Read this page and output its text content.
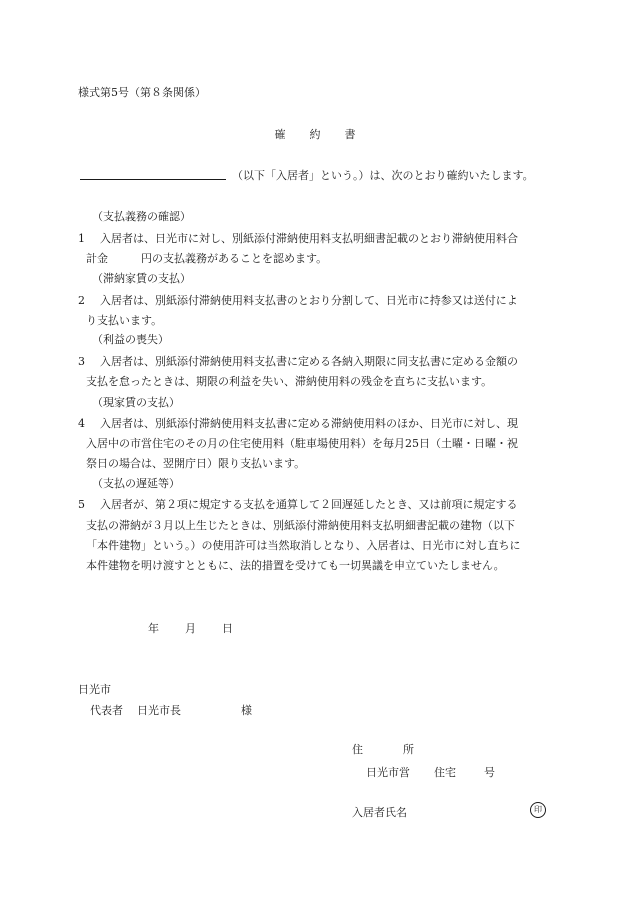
様式第5号（第８条関係）
確 約 書
（以下「入居者」という。）は、次のとおり確約いたします。
（支払義務の確認）
1 入居者は、日光市に対し、別紙添付滞納使用料支払明細書記載のとおり滞納使用料合
計金　　　円の支払義務があることを認めます。
（滞納家賃の支払）
2 入居者は、別紙添付滞納使用料支払書のとおり分割して、日光市に持参又は送付によ
り支払います。
（利益の喪失）
3 入居者は、別紙添付滞納使用料支払書に定める各納入期限に同支払書に定める金額の
支払を怠ったときは、期限の利益を失い、滞納使用料の残金を直ちに支払います。
（現家賃の支払）
4 入居者は、別紙添付滞納使用料支払書に定める滞納使用料のほか、日光市に対し、現
入居中の市営住宅のその月の住宅使用料（駐車場使用料）を毎月25日（土曜・日曜・祝
祭日の場合は、翌開庁日）限り支払います。
（支払の遅延等）
5 入居者が、第２項に規定する支払を通算して２回遅延したとき、又は前項に規定する
支払の滞納が３月以上生じたときは、別紙添付滞納使用料支払明細書記載の建物（以下
「本件建物」という。）の使用許可は当然取消しとなり、入居者は、日光市に対し直ちに
本件建物を明け渡すとともに、法的措置を受けても一切異議を申立ていたしません。
年 月 日
日光市
代表者 日光市長	様
住	所
日光市営 住宅	号
入居者氏名	印
